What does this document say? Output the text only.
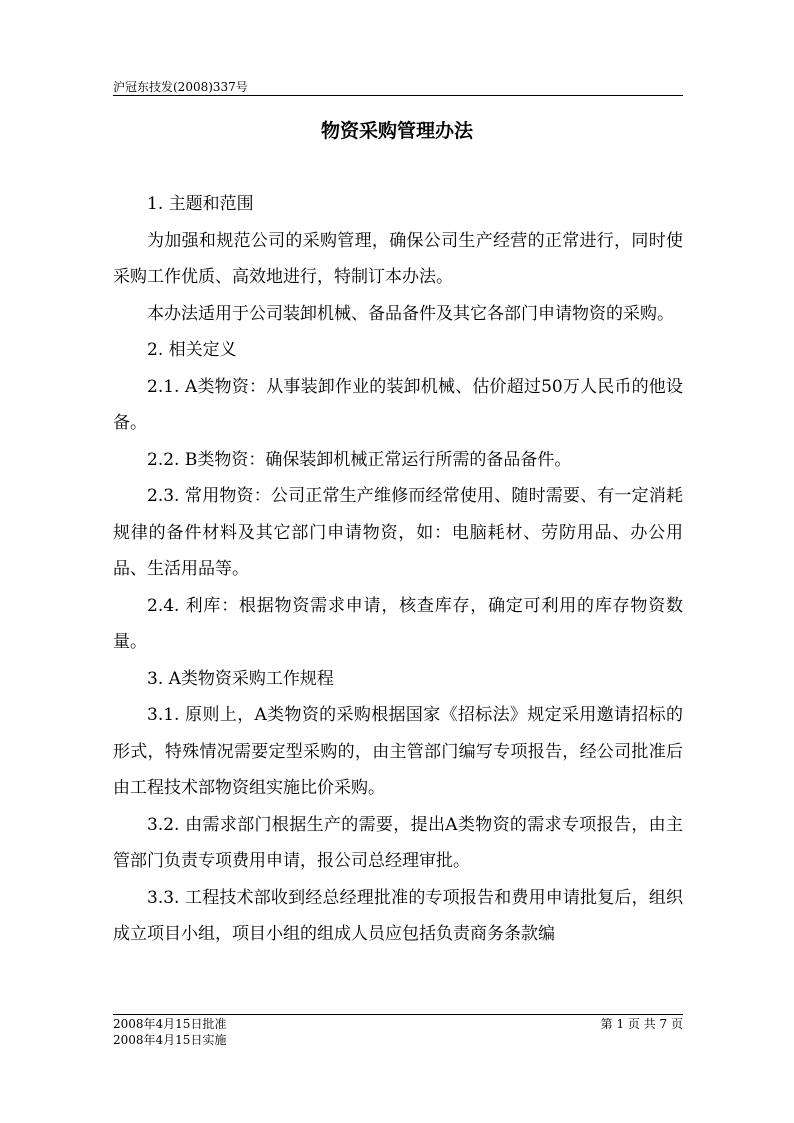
沪冠东技发(2008)337号
物资采购管理办法

1. 主题和范围

为加强和规范公司的采购管理，确保公司生产经营的正常进行，同时使采购工作优质、高效地进行，特制订本办法。

本办法适用于公司装卸机械、备品备件及其它各部门申请物资的采购。

2. 相关定义

2.1. A类物资：从事装卸作业的装卸机械、估价超过50万人民币的他设备。

2.2. B类物资：确保装卸机械正常运行所需的备品备件。

2.3. 常用物资：公司正常生产维修而经常使用、随时需要、有一定消耗规律的备件材料及其它部门申请物资，如：电脑耗材、劳防用品、办公用品、生活用品等。

2.4. 利库：根据物资需求申请，核查库存，确定可利用的库存物资数量。

3. A类物资采购工作规程

3.1. 原则上，A类物资的采购根据国家《招标法》规定采用邀请招标的形式，特殊情况需要定型采购的，由主管部门编写专项报告，经公司批准后由工程技术部物资组实施比价采购。

3.2. 由需求部门根据生产的需要，提出A类物资的需求专项报告，由主管部门负责专项费用申请，报公司总经理审批。

3.3. 工程技术部收到经总经理批准的专项报告和费用申请批复后，组织成立项目小组，项目小组的组成人员应包括负责商务条款编

2008年4月15日批准
2008年4月15日实施
第 1 页 共 7 页
